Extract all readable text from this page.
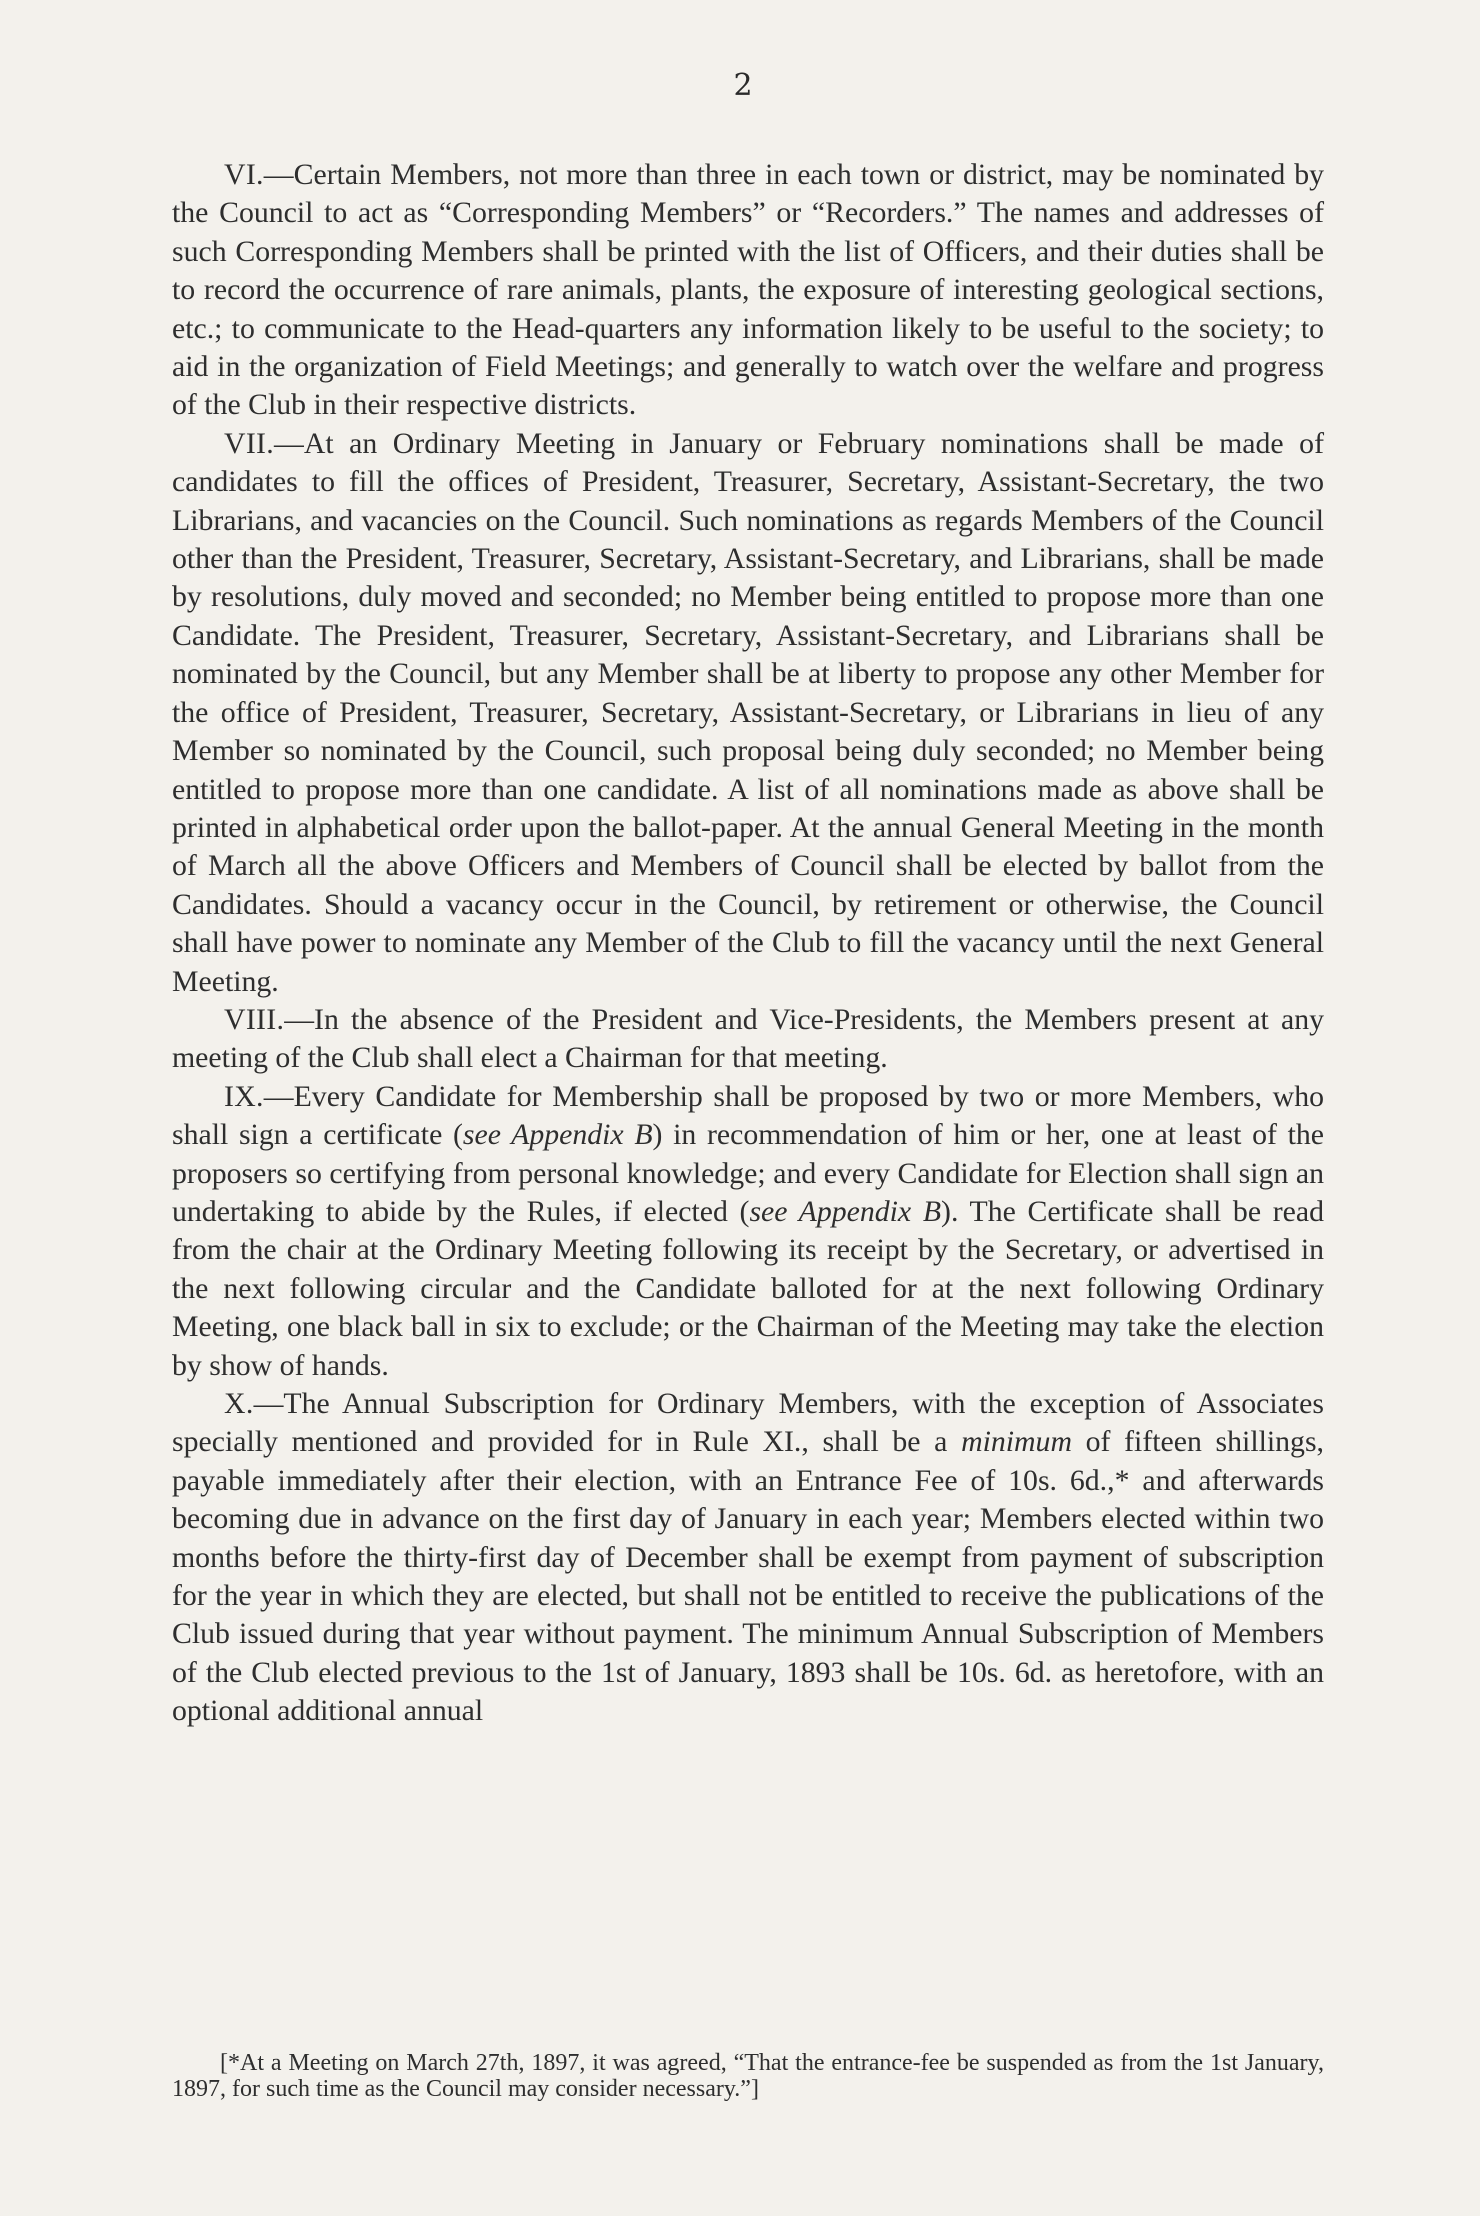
2

VI.—Certain Members, not more than three in each town or district, may be nominated by the Council to act as “Corresponding Members” or “Recorders.” The names and addresses of such Corresponding Members shall be printed with the list of Officers, and their duties shall be to record the occurrence of rare animals, plants, the exposure of interesting geological sections, etc.; to communicate to the Head-quarters any information likely to be useful to the society; to aid in the organization of Field Meetings; and generally to watch over the welfare and progress of the Club in their respective districts.

VII.—At an Ordinary Meeting in January or February nominations shall be made of candidates to fill the offices of President, Treasurer, Secretary, Assistant-Secretary, the two Librarians, and vacancies on the Council. Such nominations as regards Members of the Council other than the President, Treasurer, Secretary, Assistant-Secretary, and Librarians, shall be made by resolutions, duly moved and seconded; no Member being entitled to propose more than one Candidate. The President, Treasurer, Secretary, Assistant-Secretary, and Librarians shall be nominated by the Council, but any Member shall be at liberty to propose any other Member for the office of President, Treasurer, Secretary, Assistant-Secretary, or Librarians in lieu of any Member so nominated by the Council, such proposal being duly seconded; no Member being entitled to propose more than one candidate. A list of all nominations made as above shall be printed in alphabetical order upon the ballot-paper. At the annual General Meeting in the month of March all the above Officers and Members of Council shall be elected by ballot from the Candidates. Should a vacancy occur in the Council, by retirement or otherwise, the Council shall have power to nominate any Member of the Club to fill the vacancy until the next General Meeting.

VIII.—In the absence of the President and Vice-Presidents, the Members present at any meeting of the Club shall elect a Chairman for that meeting.

IX.—Every Candidate for Membership shall be proposed by two or more Members, who shall sign a certificate (see Appendix B) in recommendation of him or her, one at least of the proposers so certifying from personal knowledge; and every Candidate for Election shall sign an undertaking to abide by the Rules, if elected (see Appendix B). The Certificate shall be read from the chair at the Ordinary Meeting following its receipt by the Secretary, or advertised in the next following circular and the Candidate balloted for at the next following Ordinary Meeting, one black ball in six to exclude; or the Chairman of the Meeting may take the election by show of hands.

X.—The Annual Subscription for Ordinary Members, with the exception of Associates specially mentioned and provided for in Rule XI., shall be a minimum of fifteen shillings, payable immediately after their election, with an Entrance Fee of 10s. 6d.,* and afterwards becoming due in advance on the first day of January in each year; Members elected within two months before the thirty-first day of December shall be exempt from payment of subscription for the year in which they are elected, but shall not be entitled to receive the publications of the Club issued during that year without payment. The minimum Annual Subscription of Members of the Club elected previous to the 1st of January, 1893 shall be 10s. 6d. as heretofore, with an optional additional annual

[*At a Meeting on March 27th, 1897, it was agreed, “That the entrance-fee be suspended as from the 1st January, 1897, for such time as the Council may consider necessary.”]
